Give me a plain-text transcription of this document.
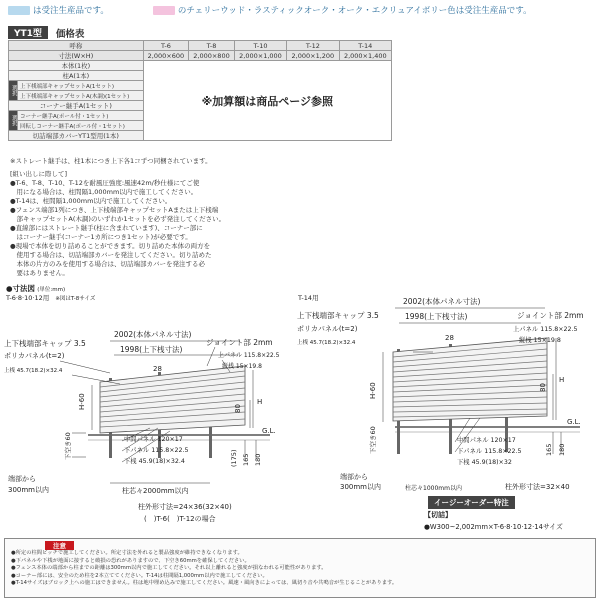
は受注生産品です。	のチェリーウッド・ラスティックオーク・オーク・エクリュアイボリー色は受注生産品です。
YT1型	価格表
呼称		T-6	T-8	T-10	T-12	T-14
寸法(W×H)		2,000×600	2,000×800	2,000×1,000	2,000×1,200	2,000×1,400
本体(1枚)		※加算額は商品ページ参照				
柱A(1本)						
選択	上下桟端部キャップセットA(1セット)					
	上下桟端部キャップセットA(木調)(1セット)					
コーナー継手A(1セット)						
選択	コーナー継手A(ポール付・1セット)					
	回転しコーナー継手A(ポール付・1セット)					
切詰端部カバーYT1型用(1本)						
※ストレート継手は、柱1本につき上下各1コずつ同梱されています。
[組い出しに際して]
●T-6、T-8、T-10、T-12を耐風圧強度:風速42m/秒仕様にてご使
　用になる場合は、柱間隔1,000mm以内で施工してください。
●T-14は、柱間隔1,000mm以内で施工してください。
●フェンス端部1列につき、上下桟端部キャップセットAまたは上下桟端
　部キャップセットA(木調)のいずれか1セットを必ず発注してください。
●直線部にはストレート継手(柱に含まれています)、コーナー部に
　はコーナー継手(コーナー1カ所につき1セット)が必要です。
●現場で本体を切り詰めることができます。切り詰めた本体の両方を
　使用する場合は、切詰端部カバーを発注してください。切り詰めた
　本体の片方のみを使用する場合は、切詰端部カバーを発注する必
　要はありません。
●寸法図 (単位:mm)
T-6·8·10·12用 ※図はT-8サイズ
2002(本体パネル寸法)
1998(上下桟寸法)
上下桟端部キャップ 3.5	ジョイント部 2mm
ポリカパネル(t=2)
上桟 45.7(18.2)×32.4
上パネル 115.8×22.5
縦桟 15×19.8
28
H-60	80
H
中間パネル 120×17
下パネル 115.8×22.5
下桟 45.9(18)×32.4	(175) 165 180
G.L.
下空き60
端部から
300mm以内	柱芯々2000mm以内
柱外形寸法=24×36(32×40)
(　)T-6(　)T-12の場合
T-14用	2002(本体パネル寸法)
1998(上下桟寸法)
上下桟端部キャップ 3.5	ジョイント部 2mm
ポリカパネル(t=2)
上桟 45.7(18.2)×32.4
上パネル 115.8×22.5
縦桟 15×19.8
28
H-60	80
H
中間パネル 120×17
下パネル 115.8×22.5
下桟 45.9(18)×32
165 180
G.L.
下空き60
端部から
300mm以内	柱芯々1000mm以内	柱外形寸法=32×40
イージーオーダー特注
【切詰】
●W300~2,002mm×T-6·8·10·12·14サイズ
注意
●所定の柱間ピッチで施工してください。所定寸法を外れると製品強度が維持できなくなります。
●下パネルや下桟が地面に接すると破損の恐れがありますので、下空き60mmを確保してください。
●フェンス本体の端部から柱までの距離は300mm以内で施工してください。それ以上離れると強度が損なわれる可能性があります。
●コーナー部には、安全のため柱を2本立ててください。T-14は柱間隔1,000mm以内で施工してください。
●T-14サイズはブロック上への施工はできません。柱は地中埋め込みで施工してください。風速・風向きによっては、風切り音や共鳴音が生じることがあります。
